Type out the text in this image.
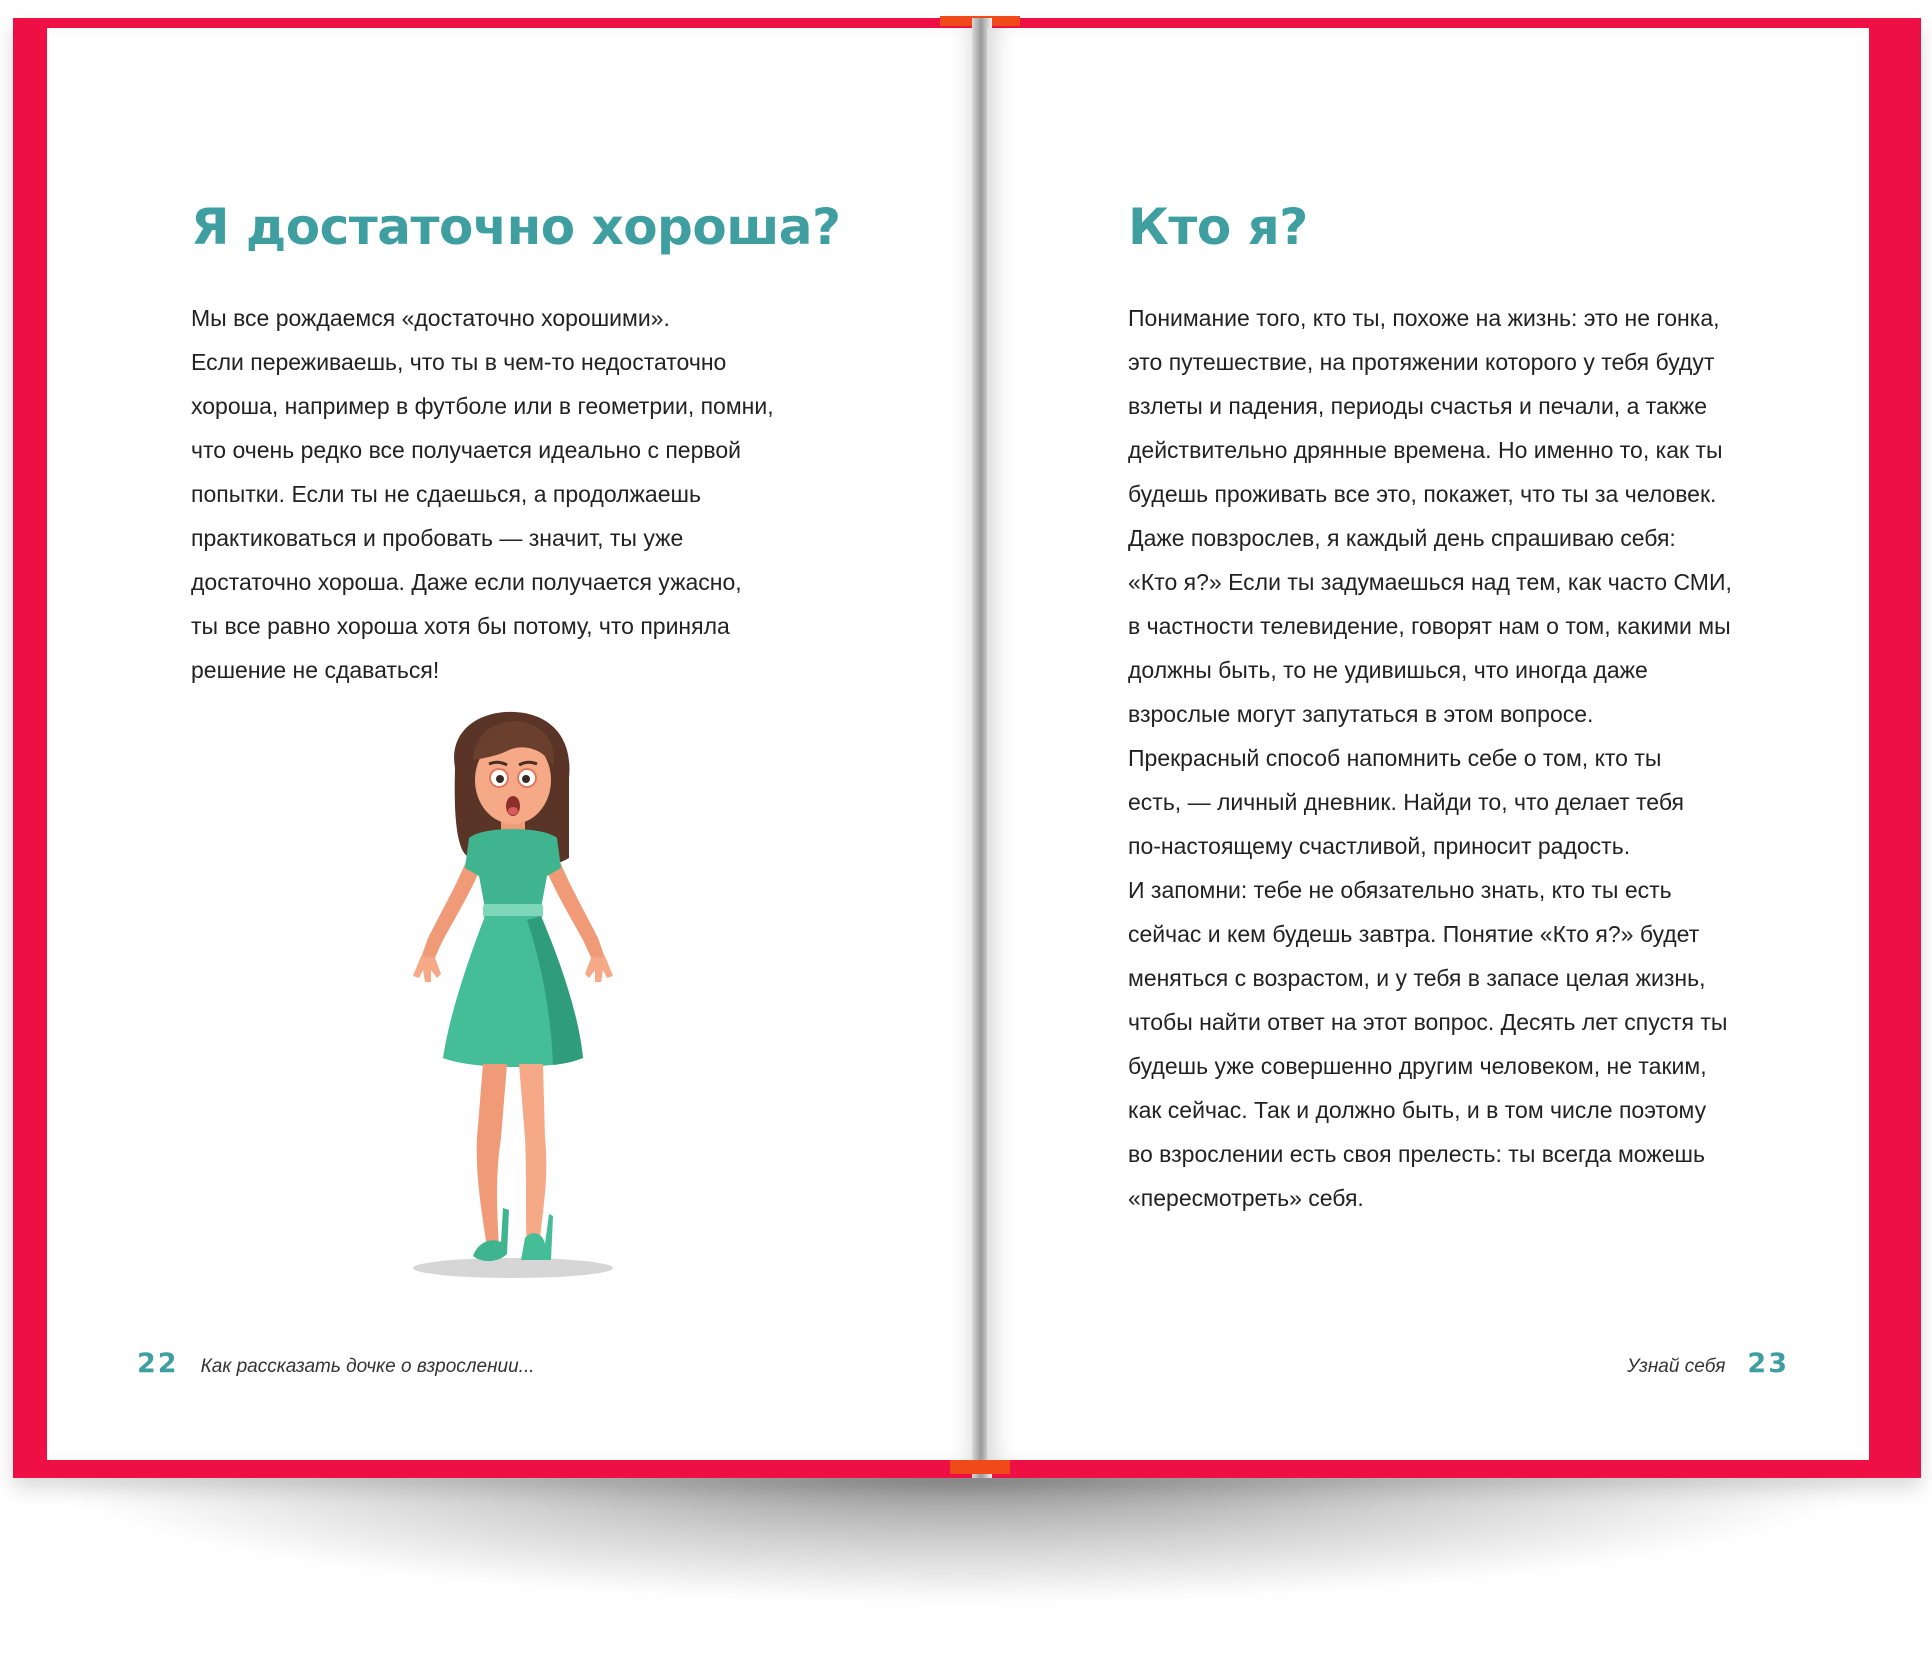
Я достаточно хороша?
Мы все рождаемся «достаточно хорошими».
Если переживаешь, что ты в чем-то недостаточно
хороша, например в футболе или в геометрии, помни,
что очень редко все получается идеально с первой
попытки. Если ты не сдаешься, а продолжаешь
практиковаться и пробовать — значит, ты уже
достаточно хороша. Даже если получается ужасно,
ты все равно хороша хотя бы потому, что приняла
решение не сдаваться!
22 Как рассказать дочке о взрослении...
Кто я?
Понимание того, кто ты, похоже на жизнь: это не гонка,
это путешествие, на протяжении которого у тебя будут
взлеты и падения, периоды счастья и печали, а также
действительно дрянные времена. Но именно то, как ты
будешь проживать все это, покажет, что ты за человек.
Даже повзрослев, я каждый день спрашиваю себя:
«Кто я?» Если ты задумаешься над тем, как часто СМИ,
в частности телевидение, говорят нам о том, какими мы
должны быть, то не удивишься, что иногда даже
взрослые могут запутаться в этом вопросе.
Прекрасный способ напомнить себе о том, кто ты
есть, — личный дневник. Найди то, что делает тебя
по-настоящему счастливой, приносит радость.
И запомни: тебе не обязательно знать, кто ты есть
сейчас и кем будешь завтра. Понятие «Кто я?» будет
меняться с возрастом, и у тебя в запасе целая жизнь,
чтобы найти ответ на этот вопрос. Десять лет спустя ты
будешь уже совершенно другим человеком, не таким,
как сейчас. Так и должно быть, и в том числе поэтому
во взрослении есть своя прелесть: ты всегда можешь
«пересмотреть» себя.
Узнай себя 23
